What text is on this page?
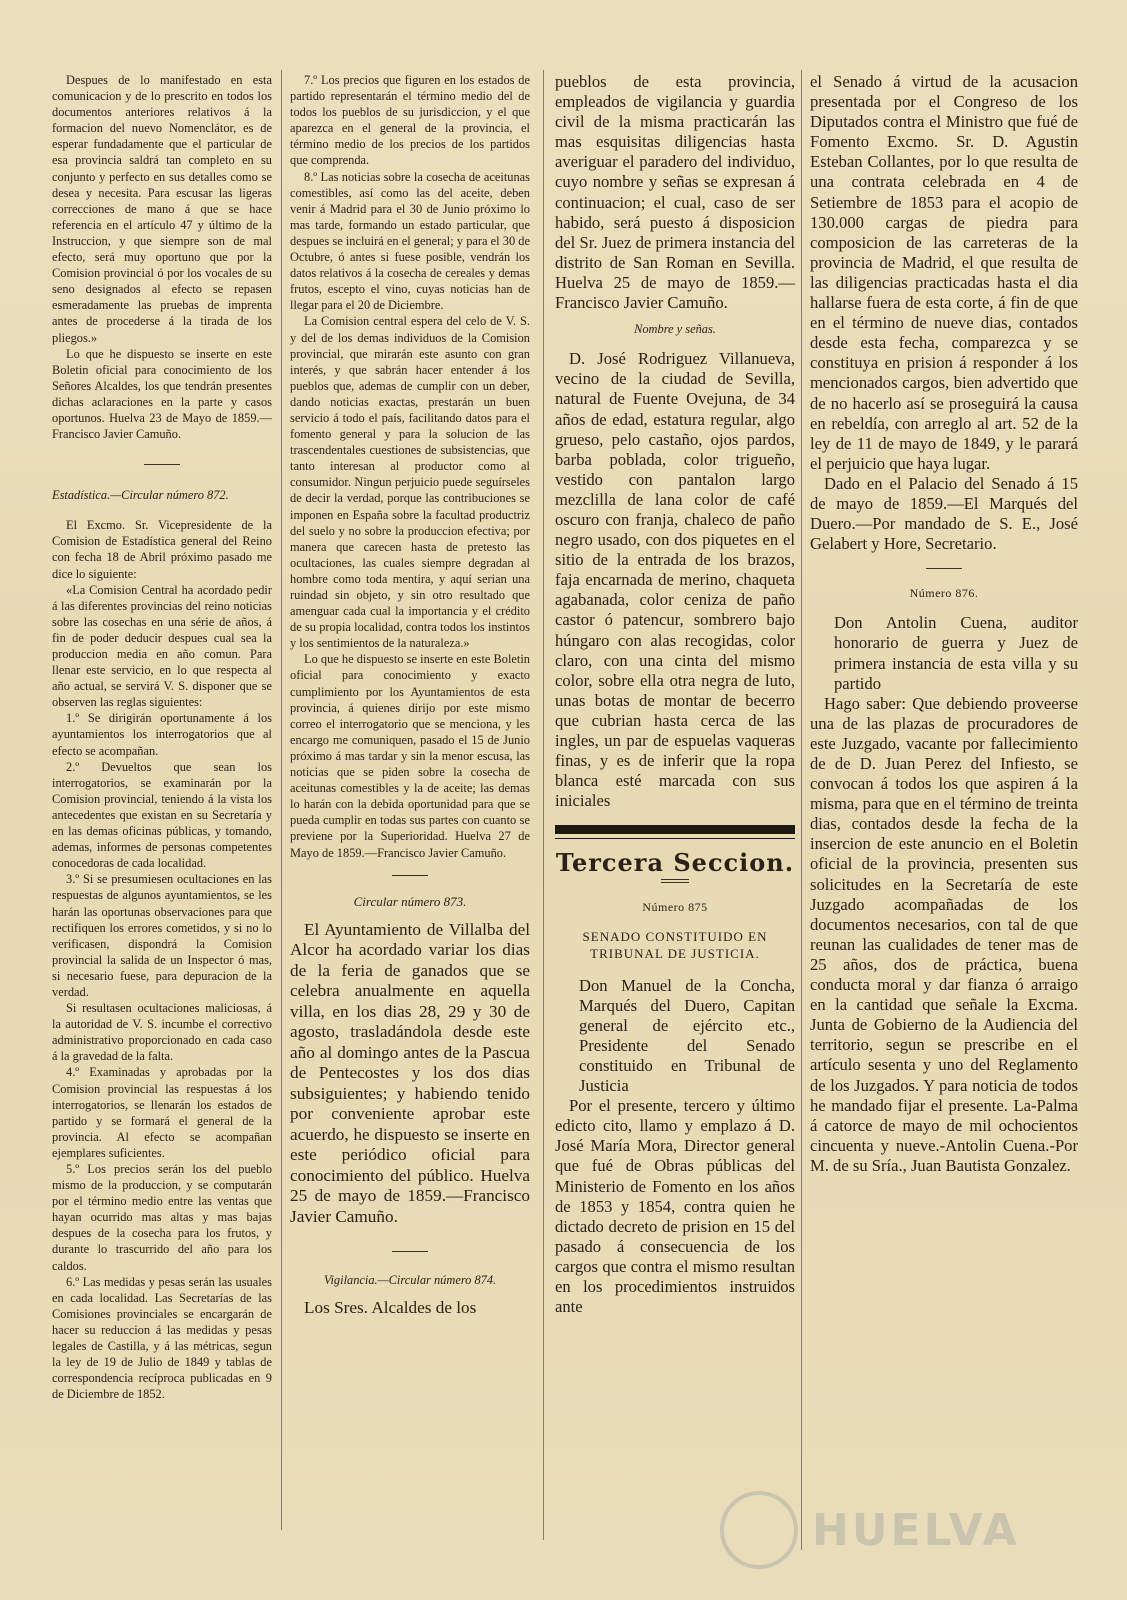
Despues de lo manifestado en esta comunicacion y de lo prescrito en todos los documentos anteriores relativos á la formacion del nuevo Nomenclátor, es de esperar fundadamente que el particular de esa provincia saldrá tan completo en su conjunto y perfecto en sus detalles como se desea y necesita. Para escusar las ligeras correcciones de mano á que se hace referencia en el artículo 47 y último de la Instruccion, y que siempre son de mal efecto, será muy oportuno que por la Comision provincial ó por los vocales de su seno designados al efecto se repasen esmeradamente las pruebas de imprenta antes de procederse á la tirada de los pliegos.»

Lo que he dispuesto se inserte en este Boletin oficial para conocimiento de los Señores Alcaldes, los que tendrán presentes dichas aclaraciones en la parte y casos oportunos. Huelva 23 de Mayo de 1859.—Francisco Javier Camuño.

Estadística.—Circular número 872.

El Excmo. Sr. Vicepresidente de la Comision de Estadística general del Reino con fecha 18 de Abril próximo pasado me dice lo siguiente:

«La Comision Central ha acordado pedir á las diferentes provincias del reino noticias sobre las cosechas en una série de años, á fin de poder deducir despues cual sea la produccion media en año comun. Para llenar este servicio, en lo que respecta al año actual, se servirá V. S. disponer que se observen las reglas siguientes:

1.º Se dirigirán oportunamente á los ayuntamientos los interrogatorios que al efecto se acompañan.

2.º Devueltos que sean los interrogatorios, se examinarán por la Comision provincial, teniendo á la vista los antecedentes que existan en su Secretaría y en las demas oficinas públicas, y tomando, ademas, informes de personas competentes conocedoras de cada localidad.

3.º Si se presumiesen ocultaciones en las respuestas de algunos ayuntamientos, se les harán las oportunas observaciones para que rectifiquen los errores cometidos, y si no lo verificasen, dispondrá la Comision provincial la salida de un Inspector ó mas, si necesario fuese, para depuracion de la verdad.

Si resultasen ocultaciones maliciosas, á la autoridad de V. S. incumbe el correctivo administrativo proporcionado en cada caso á la gravedad de la falta.

4.º Examinadas y aprobadas por la Comision provincial las respuestas á los interrogatorios, se llenarán los estados de partido y se formará el general de la provincia. Al efecto se acompañan ejemplares suficientes.

5.º Los precios serán los del pueblo mismo de la produccion, y se computarán por el término medio entre las ventas que hayan ocurrido mas altas y mas bajas despues de la cosecha para los frutos, y durante lo trascurrido del año para los caldos.

6.º Las medidas y pesas serán las usuales en cada localidad. Las Secretarías de las Comisiones provinciales se encargarán de hacer su reduccion á las medidas y pesas legales de Castilla, y á las métricas, segun la ley de 19 de Julio de 1849 y tablas de correspondencia recíproca publicadas en 9 de Diciembre de 1852.

7.º Los precios que figuren en los estados de partido representarán el término medio del de todos los pueblos de su jurisdiccion, y el que aparezca en el general de la provincia, el término medio de los precios de los partidos que comprenda.

8.º Las noticias sobre la cosecha de aceitunas comestibles, así como las del aceite, deben venir á Madrid para el 30 de Junio próximo lo mas tarde, formando un estado particular, que despues se incluirá en el general; y para el 30 de Octubre, ó antes si fuese posible, vendrán los datos relativos á la cosecha de cereales y demas frutos, escepto el vino, cuyas noticias han de llegar para el 20 de Diciembre.

La Comision central espera del celo de V. S. y del de los demas individuos de la Comision provincial, que mirarán este asunto con gran interés, y que sabrán hacer entender á los pueblos que, ademas de cumplir con un deber, dando noticias exactas, prestarán un buen servicio á todo el país, facilitando datos para el fomento general y para la solucion de las trascendentales cuestiones de subsistencias, que tanto interesan al productor como al consumidor. Ningun perjuicio puede seguírseles de decir la verdad, porque las contribuciones se imponen en España sobre la facultad productriz del suelo y no sobre la produccion efectiva; por manera que carecen hasta de pretesto las ocultaciones, las cuales siempre degradan al hombre como toda mentira, y aquí serian una ruindad sin objeto, y sin otro resultado que amenguar cada cual la importancia y el crédito de su propia localidad, contra todos los instintos y los sentimientos de la naturaleza.»

Lo que he dispuesto se inserte en este Boletin oficial para conocimiento y exacto cumplimiento por los Ayuntamientos de esta provincia, á quienes dirijo por este mismo correo el interrogatorio que se menciona, y les encargo me comuniquen, pasado el 15 de Junio próximo á mas tardar y sin la menor escusa, las noticias que se piden sobre la cosecha de aceitunas comestibles y la de aceite; las demas lo harán con la debida oportunidad para que se pueda cumplir en todas sus partes con cuanto se previene por la Superioridad. Huelva 27 de Mayo de 1859.—Francisco Javier Camuño.

Circular número 873.

El Ayuntamiento de Villalba del Alcor ha acordado variar los dias de la feria de ganados que se celebra anualmente en aquella villa, en los dias 28, 29 y 30 de agosto, trasladándola desde este año al domingo antes de la Pascua de Pentecostes y los dos dias subsiguientes; y habiendo tenido por conveniente aprobar este acuerdo, he dispuesto se inserte en este periódico oficial para conocimiento del público. Huelva 25 de mayo de 1859.—Francisco Javier Camuño.

Vigilancia.—Circular número 874.

Los Sres. Alcaldes de los

pueblos de esta provincia, empleados de vigilancia y guardia civil de la misma practicarán las mas esquisitas diligencias hasta averiguar el paradero del individuo, cuyo nombre y señas se expresan á continuacion; el cual, caso de ser habido, será puesto á disposicion del Sr. Juez de primera instancia del distrito de San Roman en Sevilla. Huelva 25 de mayo de 1859.—Francisco Javier Camuño.

Nombre y señas.

D. José Rodriguez Villanueva, vecino de la ciudad de Sevilla, natural de Fuente Ovejuna, de 34 años de edad, estatura regular, algo grueso, pelo castaño, ojos pardos, barba poblada, color trigueño, vestido con pantalon largo mezclilla de lana color de café oscuro con franja, chaleco de paño negro usado, con dos piquetes en el sitio de la entrada de los brazos, faja encarnada de merino, chaqueta agabanada, color ceniza de paño castor ó patencur, sombrero bajo húngaro con alas recogidas, color claro, con una cinta del mismo color, sobre ella otra negra de luto, unas botas de montar de becerro que cubrian hasta cerca de las ingles, un par de espuelas vaqueras finas, y es de inferir que la ropa blanca esté marcada con sus iniciales

Tercera Seccion.
Número 875
SENADO CONSTITUIDO EN TRIBUNAL DE JUSTICIA.

Don Manuel de la Concha, Marqués del Duero, Capitan general de ejército etc., Presidente del Senado constituido en Tribunal de Justicia

Por el presente, tercero y último edicto cito, llamo y emplazo á D. José María Mora, Director general que fué de Obras públicas del Ministerio de Fomento en los años de 1853 y 1854, contra quien he dictado decreto de prision en 15 del pasado á consecuencia de los cargos que contra el mismo resultan en los procedimientos instruidos ante

el Senado á virtud de la acusacion presentada por el Congreso de los Diputados contra el Ministro que fué de Fomento Excmo. Sr. D. Agustin Esteban Collantes, por lo que resulta de una contrata celebrada en 4 de Setiembre de 1853 para el acopio de 130.000 cargas de piedra para composicion de las carreteras de la provincia de Madrid, el que resulta de las diligencias practicadas hasta el dia hallarse fuera de esta corte, á fin de que en el término de nueve dias, contados desde esta fecha, comparezca y se constituya en prision á responder á los mencionados cargos, bien advertido que de no hacerlo así se proseguirá la causa en rebeldía, con arreglo al art. 52 de la ley de 11 de mayo de 1849, y le parará el perjuicio que haya lugar.

Dado en el Palacio del Senado á 15 de mayo de 1859.—El Marqués del Duero.—Por mandado de S. E., José Gelabert y Hore, Secretario.

Número 876.

Don Antolin Cuena, auditor honorario de guerra y Juez de primera instancia de esta villa y su partido

Hago saber: Que debiendo proveerse una de las plazas de procuradores de este Juzgado, vacante por fallecimiento de de D. Juan Perez del Infiesto, se convocan á todos los que aspiren á la misma, para que en el término de treinta dias, contados desde la fecha de la insercion de este anuncio en el Boletin oficial de la provincia, presenten sus solicitudes en la Secretaría de este Juzgado acompañadas de los documentos necesarios, con tal de que reunan las cualidades de tener mas de 25 años, dos de práctica, buena conducta moral y dar fianza ó arraigo en la cantidad que señale la Excma. Junta de Gobierno de la Audiencia del territorio, segun se prescribe en el artículo sesenta y uno del Reglamento de los Juzgados. Y para noticia de todos he mandado fijar el presente. La-Palma á catorce de mayo de mil ochocientos cincuenta y nueve.-Antolin Cuena.-Por M. de su Sría., Juan Bautista Gonzalez.

HUELVA
